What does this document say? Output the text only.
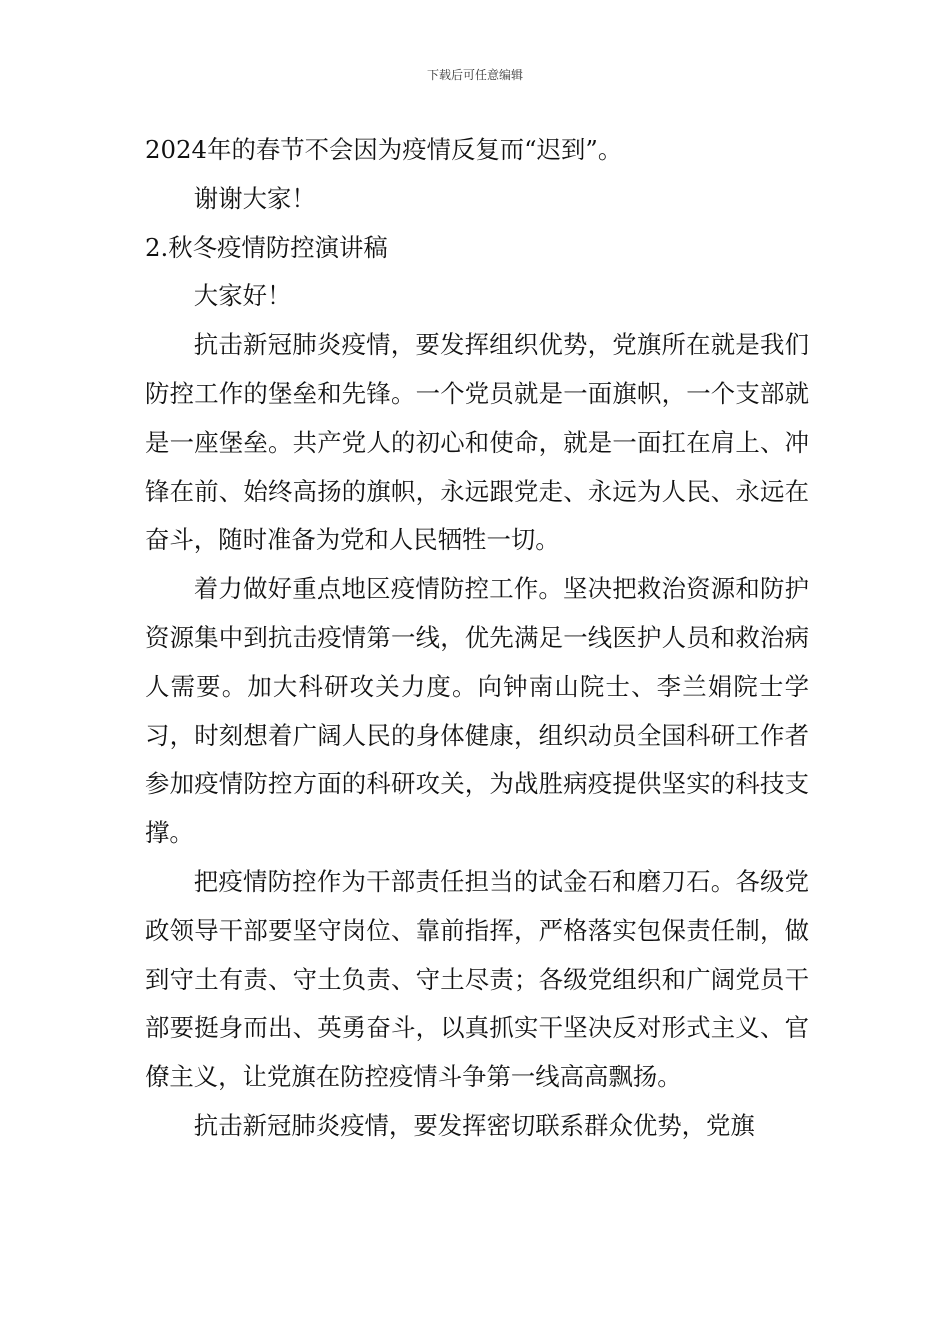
下载后可任意编辑

2024年的春节不会因为疫情反复而“迟到”。

谢谢大家！

2.秋冬疫情防控演讲稿

大家好！

抗击新冠肺炎疫情，要发挥组织优势，党旗所在就是我们防控工作的堡垒和先锋。一个党员就是一面旗帜，一个支部就是一座堡垒。共产党人的初心和使命，就是一面扛在肩上、冲锋在前、始终高扬的旗帜，永远跟党走、永远为人民、永远在奋斗，随时准备为党和人民牺牲一切。

着力做好重点地区疫情防控工作。坚决把救治资源和防护资源集中到抗击疫情第一线，优先满足一线医护人员和救治病人需要。加大科研攻关力度。向钟南山院士、李兰娟院士学习，时刻想着广阔人民的身体健康，组织动员全国科研工作者参加疫情防控方面的科研攻关，为战胜病疫提供坚实的科技支撑。

把疫情防控作为干部责任担当的试金石和磨刀石。各级党政领导干部要坚守岗位、靠前指挥，严格落实包保责任制，做到守土有责、守土负责、守土尽责；各级党组织和广阔党员干部要挺身而出、英勇奋斗，以真抓实干坚决反对形式主义、官僚主义，让党旗在防控疫情斗争第一线高高飘扬。

抗击新冠肺炎疫情，要发挥密切联系群众优势，党旗
